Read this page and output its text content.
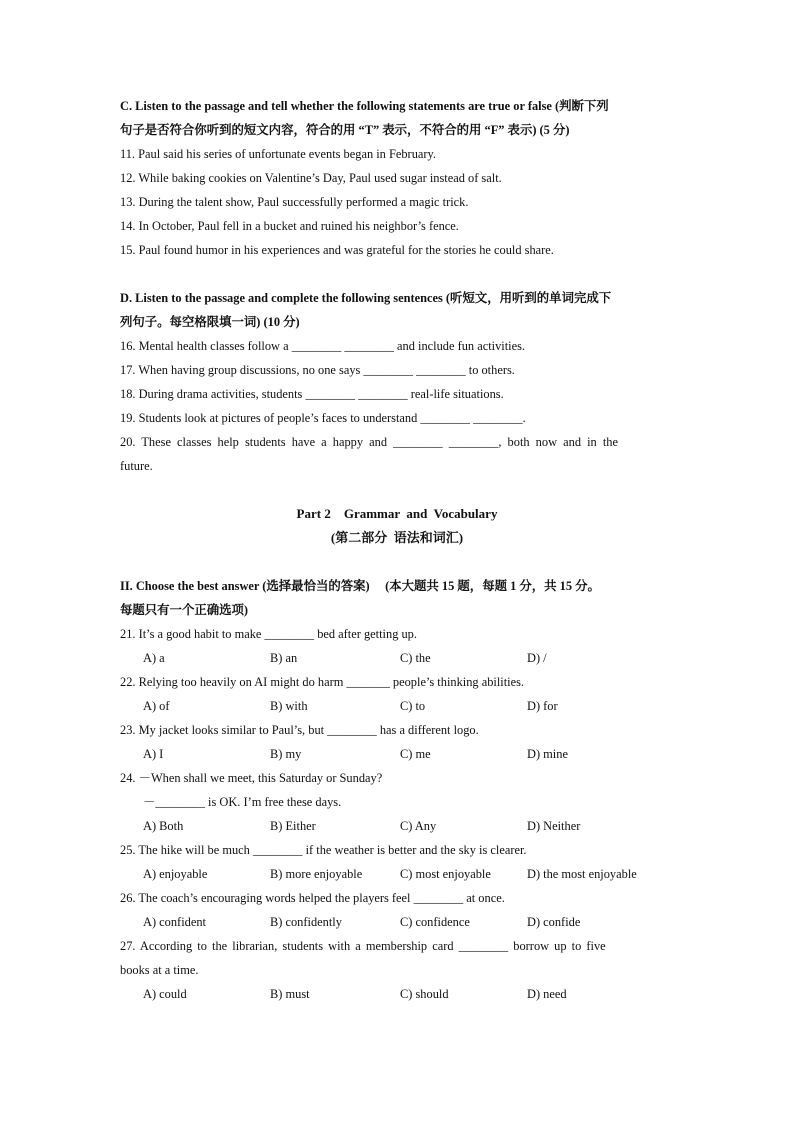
C. Listen to the passage and tell whether the following statements are true or false (判断下列
句子是否符合你听到的短文内容，符合的用 “T” 表示，不符合的用 “F” 表示) (5 分)
11. Paul said his series of unfortunate events began in February.
12. While baking cookies on Valentine’s Day, Paul used sugar instead of salt.
13. During the talent show, Paul successfully performed a magic trick.
14. In October, Paul fell in a bucket and ruined his neighbor’s fence.
15. Paul found humor in his experiences and was grateful for the stories he could share.
D. Listen to the passage and complete the following sentences (听短文，用听到的单词完成下
列句子。每空格限填一词) (10 分)
16. Mental health classes follow a ________ ________ and include fun activities.
17. When having group discussions, no one says ________ ________ to others.
18. During drama activities, students ________ ________ real-life situations.
19. Students look at pictures of people’s faces to understand ________ ________.
20. These classes help students have a happy and ________ ________, both now and in the
future.
Part 2    Grammar  and  Vocabulary
(第二部分  语法和词汇)
II. Choose the best answer (选择最恰当的答案)     (本大题共 15 题，每题 1 分，共 15 分。
每题只有一个正确选项)
21. It’s a good habit to make ________ bed after getting up.
A) a	B) an	C) the	D) /
22. Relying too heavily on AI might do harm _______ people’s thinking abilities.
A) of	B) with	C) to	D) for
23. My jacket looks similar to Paul’s, but ________ has a different logo.
A) I	B) my	C) me	D) mine
24. －When shall we meet, this Saturday or Sunday?
－________ is OK. I’m free these days.
A) Both	B) Either	C) Any	D) Neither
25. The hike will be much ________ if the weather is better and the sky is clearer.
A) enjoyable	B) more enjoyable	C) most enjoyable	D) the most enjoyable
26. The coach’s encouraging words helped the players feel ________ at once.
A) confident	B) confidently	C) confidence	D) confide
27. According to the librarian, students with a membership card ________ borrow up to five
books at a time.
A) could	B) must	C) should	D) need
